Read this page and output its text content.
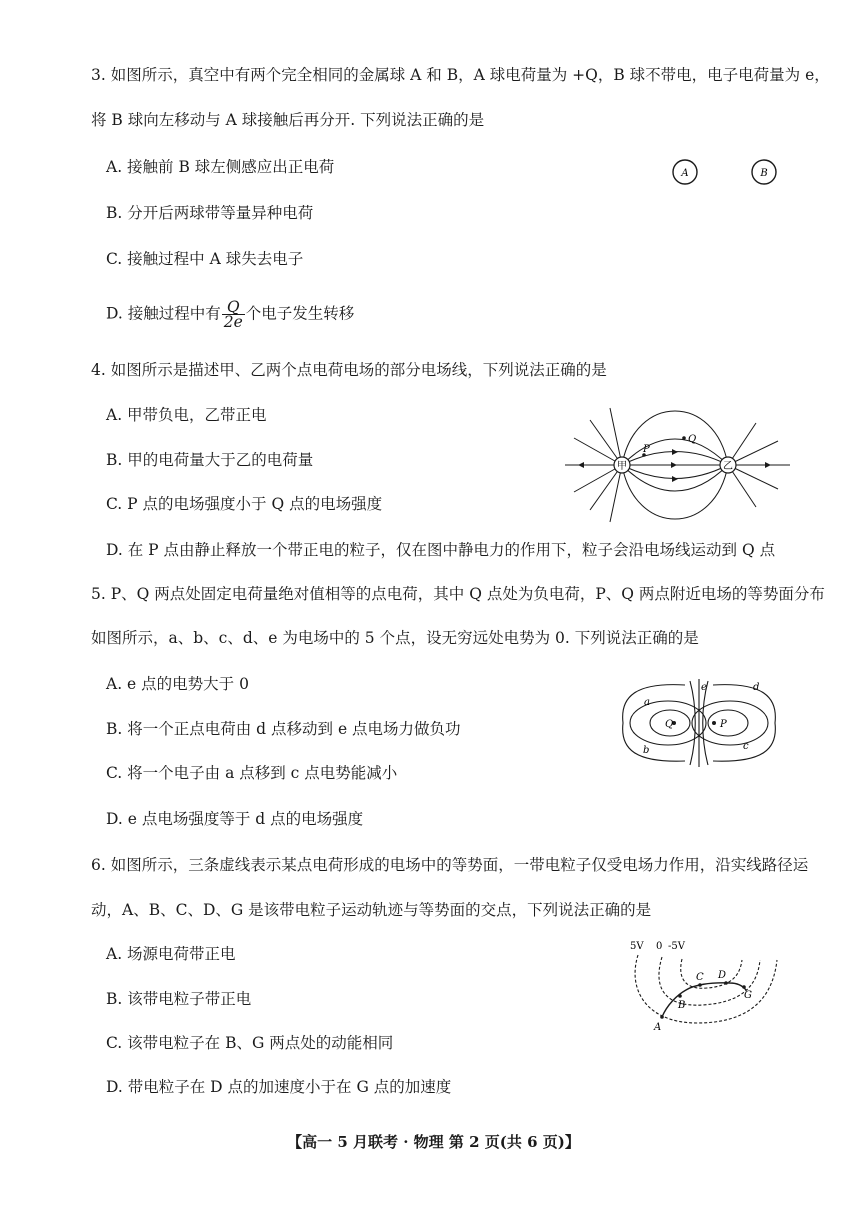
3. 如图所示，真空中有两个完全相同的金属球 A 和 B，A 球电荷量为 +Q，B 球不带电，电子电荷量为 e，
将 B 球向左移动与 A 球接触后再分开. 下列说法正确的是
A. 接触前 B 球左侧感应出正电荷
B. 分开后两球带等量异种电荷
C. 接触过程中 A 球失去电子
D. 接触过程中有 $\frac{Q}{2e}$ 个电子发生转移
A	B
4. 如图所示是描述甲、乙两个点电荷电场的部分电场线，下列说法正确的是
A. 甲带负电，乙带正电
B. 甲的电荷量大于乙的电荷量
C. P 点的电场强度小于 Q 点的电场强度
D. 在 P 点由静止释放一个带正电的粒子，仅在图中静电力的作用下，粒子会沿电场线运动到 Q 点
甲	乙
P
Q
5. P、Q 两点处固定电荷量绝对值相等的点电荷，其中 Q 点处为负电荷，P、Q 两点附近电场的等势面分布
如图所示，a、b、c、d、e 为电场中的 5 个点，设无穷远处电势为 0. 下列说法正确的是
A. e 点的电势大于 0
B. 将一个正点电荷由 d 点移动到 e 点电场力做负功
C. 将一个电子由 a 点移到 c 点电势能减小
D. e 点电场强度等于 d 点的电场强度
Q	P
a
b	c
d
e
6. 如图所示，三条虚线表示某点电荷形成的电场中的等势面，一带电粒子仅受电场力作用，沿实线路径运
动，A、B、C、D、G 是该带电粒子运动轨迹与等势面的交点，下列说法正确的是
A. 场源电荷带正电
B. 该带电粒子带正电
C. 该带电粒子在 B、G 两点处的动能相同
D. 带电粒子在 D 点的加速度小于在 G 点的加速度
5V 0 -5V
A
B
C D
G
【高一 5 月联考 · 物理 第 2 页(共 6 页)】
